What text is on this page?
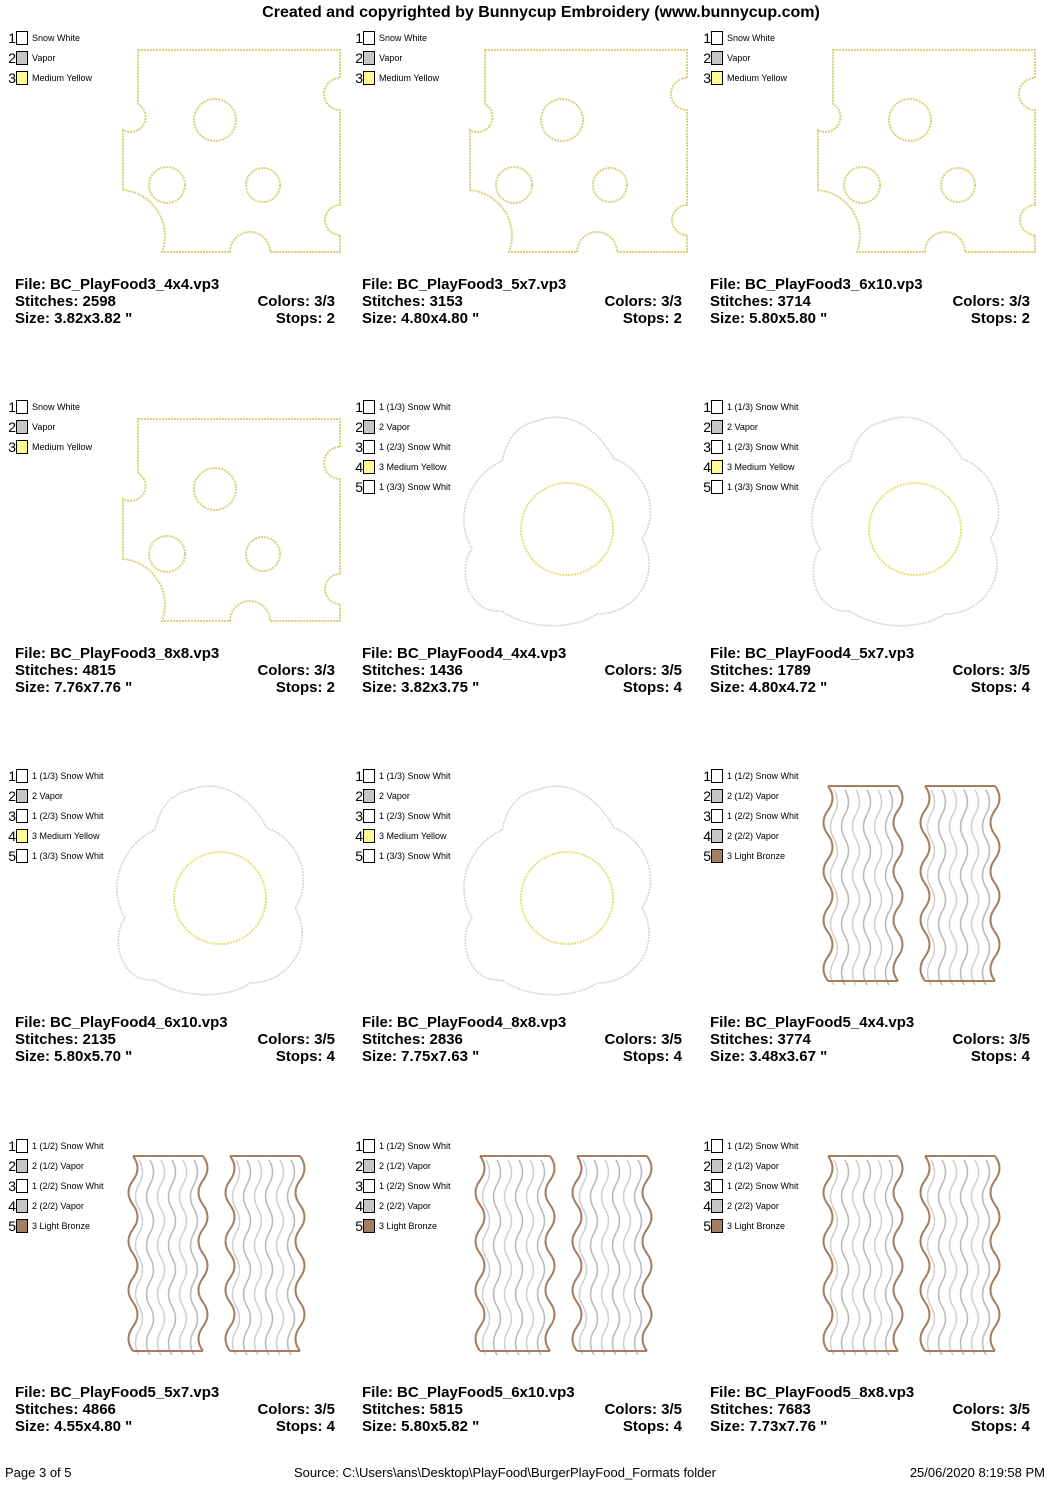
Created and copyrighted by Bunnycup Embroidery (www.bunnycup.com)
1 Snow White
2 Vapor
3 Medium Yellow
File: BC_PlayFood3_4x4.vp3
Stitches: 2598	Colors: 3/3
Size: 3.82x3.82 "	Stops: 2
1 Snow White
2 Vapor
3 Medium Yellow
File: BC_PlayFood3_5x7.vp3
Stitches: 3153	Colors: 3/3
Size: 4.80x4.80 "	Stops: 2
1 Snow White
2 Vapor
3 Medium Yellow
File: BC_PlayFood3_6x10.vp3
Stitches: 3714	Colors: 3/3
Size: 5.80x5.80 "	Stops: 2
1 Snow White
2 Vapor
3 Medium Yellow
File: BC_PlayFood3_8x8.vp3
Stitches: 4815	Colors: 3/3
Size: 7.76x7.76 "	Stops: 2
1 1 (1/3) Snow Whit
2 2 Vapor
3 1 (2/3) Snow Whit
4 3 Medium Yellow
5 1 (3/3) Snow Whit
File: BC_PlayFood4_4x4.vp3
Stitches: 1436	Colors: 3/5
Size: 3.82x3.75 "	Stops: 4
1 1 (1/3) Snow Whit
2 2 Vapor
3 1 (2/3) Snow Whit
4 3 Medium Yellow
5 1 (3/3) Snow Whit
File: BC_PlayFood4_5x7.vp3
Stitches: 1789	Colors: 3/5
Size: 4.80x4.72 "	Stops: 4
1 1 (1/3) Snow Whit
2 2 Vapor
3 1 (2/3) Snow Whit
4 3 Medium Yellow
5 1 (3/3) Snow Whit
File: BC_PlayFood4_6x10.vp3
Stitches: 2135	Colors: 3/5
Size: 5.80x5.70 "	Stops: 4
1 1 (1/3) Snow Whit
2 2 Vapor
3 1 (2/3) Snow Whit
4 3 Medium Yellow
5 1 (3/3) Snow Whit
File: BC_PlayFood4_8x8.vp3
Stitches: 2836	Colors: 3/5
Size: 7.75x7.63 "	Stops: 4
1 1 (1/2) Snow Whit
2 2 (1/2) Vapor
3 1 (2/2) Snow Whit
4 2 (2/2) Vapor
5 3 Light Bronze
File: BC_PlayFood5_4x4.vp3
Stitches: 3774	Colors: 3/5
Size: 3.48x3.67 "	Stops: 4
1 1 (1/2) Snow Whit
2 2 (1/2) Vapor
3 1 (2/2) Snow Whit
4 2 (2/2) Vapor
5 3 Light Bronze
File: BC_PlayFood5_5x7.vp3
Stitches: 4866	Colors: 3/5
Size: 4.55x4.80 "	Stops: 4
1 1 (1/2) Snow Whit
2 2 (1/2) Vapor
3 1 (2/2) Snow Whit
4 2 (2/2) Vapor
5 3 Light Bronze
File: BC_PlayFood5_6x10.vp3
Stitches: 5815	Colors: 3/5
Size: 5.80x5.82 "	Stops: 4
1 1 (1/2) Snow Whit
2 2 (1/2) Vapor
3 1 (2/2) Snow Whit
4 2 (2/2) Vapor
5 3 Light Bronze
File: BC_PlayFood5_8x8.vp3
Stitches: 7683	Colors: 3/5
Size: 7.73x7.76 "	Stops: 4
Page 3 of 5	Source: C:\Users\ans\Desktop\PlayFood\BurgerPlayFood_Formats folder	25/06/2020 8:19:58 PM
